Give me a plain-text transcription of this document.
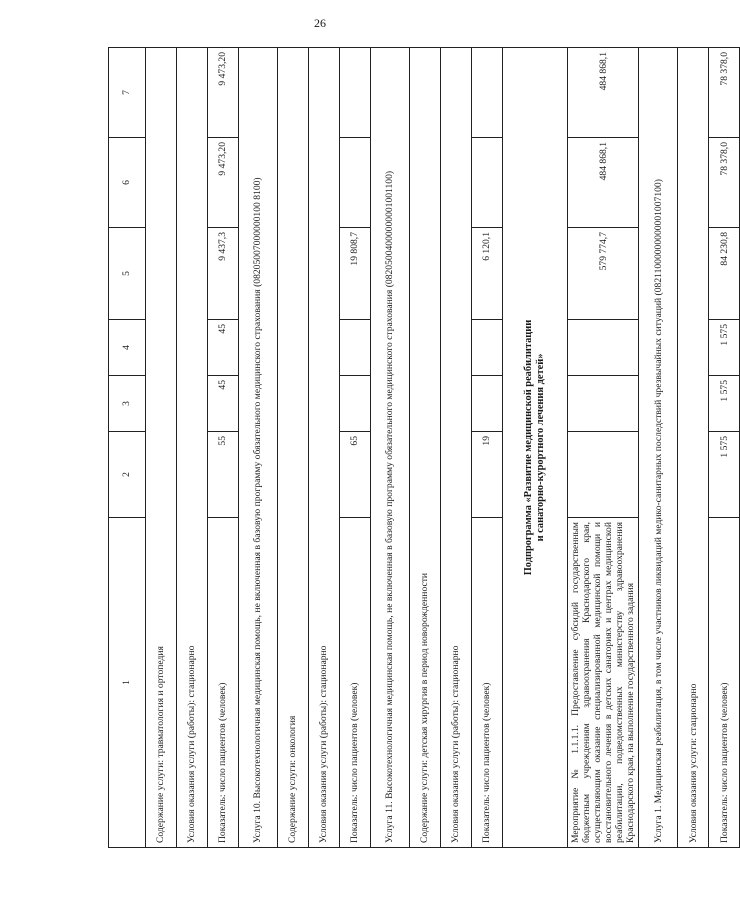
26
1	2	3	4	5	6	7
Содержание услуги: травматология и ортопедия						
Условия оказания услуги (работы): стационарно						
Показатель: число пациентов (человек)	55	45	45	9 437,3	9 473,20	9 473,20
Услуга 10. Высокотехнологичная медицинская помощь, не включенная в базовую программу обязательного медицинского страхования (08205007000000100 8100)						
Содержание услуги: онкология						
Условия оказания услуги (работы): стационарно						
Показатель: число пациентов (человек)	65			19 808,7		
Услуга 11. Высокотехнологичная медицинская помощь, не включенная в базовую программу обязательного медицинского страхования (08205004000000001001100)						
Содержание услуги: детская хирургия в период новорожденности						
Условия оказания услуги (работы): стационарно						
Показатель: число пациентов (человек)	19			6 120,1		

Подпрограмма «Развитие медицинской реабилитации и санаторно-курортного лечения детей»						

Мероприятие № 1.1.1.1. Предоставление субсидий государственным бюджетным учреждениям здравоохранения Краснодарского края, осуществляющим оказание специализированной медицинской помощи и восстановительного лечения в детских санаториях и центрах медицинской реабилитации, подведомственных министерству здравоохранения Краснодарского края, на выполнение государственного задания				579 774,7	484 868,1	484 868,1
Услуга 1. Медицинская реабилитация, в том числе участников ликвидаций медико-санитарных последствий чрезвычайных ситуаций (08211000000000001007100)						
Условия оказания услуги: стационарно						
Показатель: число пациентов (человек)	1 575	1 575	1 575	84 230,8	78 378,0	78 378,0
